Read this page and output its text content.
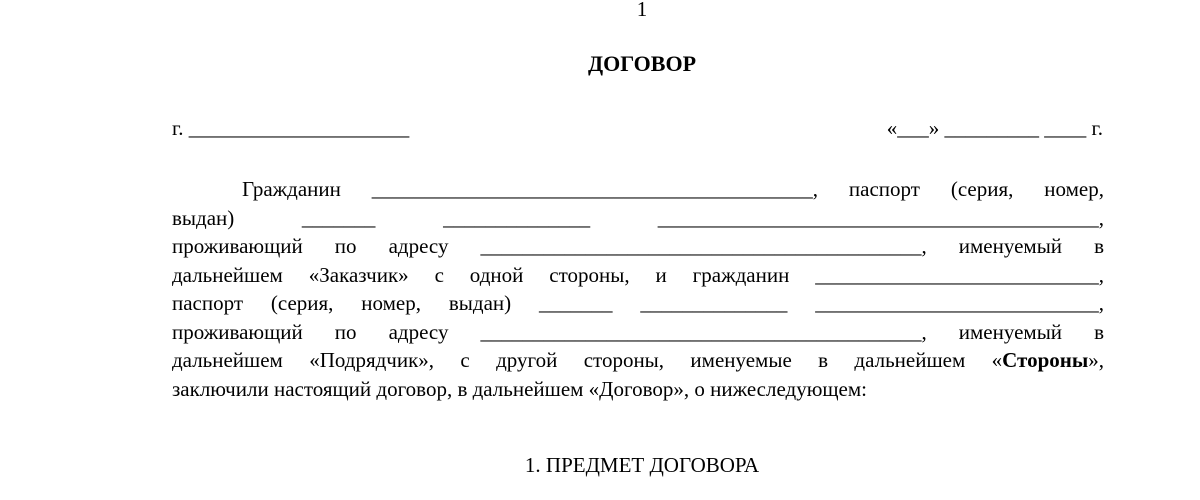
1
ДОГОВОР
г. _____________________	«___» _________ ____ г.
Гражданин __________________________________________, паспорт (серия, номер,
выдан) _______ ______________ __________________________________________,
проживающий по адресу __________________________________________, именуемый в
дальнейшем «Заказчик» с одной стороны, и гражданин ___________________________,
паспорт (серия, номер, выдан) _______ ______________ ___________________________,
проживающий по адресу __________________________________________, именуемый в
дальнейшем «Подрядчик», с другой стороны, именуемые в дальнейшем «Стороны»,
заключили настоящий договор, в дальнейшем «Договор», о нижеследующем:
1. ПРЕДМЕТ ДОГОВОРА
